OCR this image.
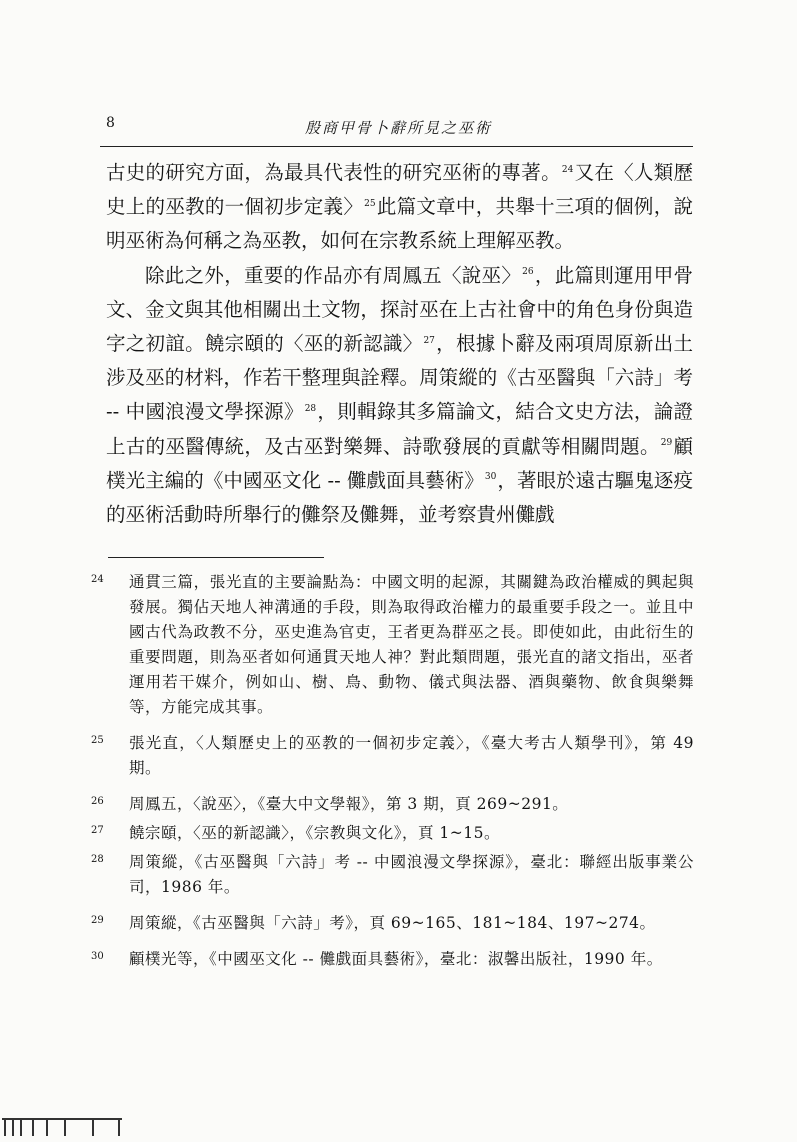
8	殷商甲骨卜辭所見之巫術

古史的研究方面，為最具代表性的研究巫術的專著。$^{24}$又在〈人類歷史上的巫教的一個初步定義〉$^{25}$此篇文章中，共舉十三項的個例，說明巫術為何稱之為巫教，如何在宗教系統上理解巫教。

除此之外，重要的作品亦有周鳳五〈說巫〉$^{26}$，此篇則運用甲骨文、金文與其他相關出土文物，探討巫在上古社會中的角色身份與造字之初誼。饒宗頤的〈巫的新認識〉$^{27}$，根據卜辭及兩項周原新出土涉及巫的材料，作若干整理與詮釋。周策縱的《古巫醫與「六詩」考 -- 中國浪漫文學探源》$^{28}$，則輯錄其多篇論文，結合文史方法，論證上古的巫醫傳統，及古巫對樂舞、詩歌發展的貢獻等相關問題。$^{29}$顧樸光主編的《中國巫文化 -- 儺戲面具藝術》$^{30}$，著眼於遠古驅鬼逐疫的巫術活動時所舉行的儺祭及儺舞，並考察貴州儺戲

24	通貫三篇，張光直的主要論點為：中國文明的起源，其關鍵為政治權威的興起與發展。獨佔天地人神溝通的手段，則為取得政治權力的最重要手段之一。並且中國古代為政教不分，巫史進為官吏，王者更為群巫之長。即使如此，由此衍生的重要問題，則為巫者如何通貫天地人神？對此類問題，張光直的諸文指出，巫者運用若干媒介，例如山、樹、鳥、動物、儀式與法器、酒與藥物、飲食與樂舞等，方能完成其事。
25	張光直，〈人類歷史上的巫教的一個初步定義〉，《臺大考古人類學刊》，第 49 期。
26	周鳳五，〈說巫〉，《臺大中文學報》，第 3 期，頁 269~291。
27	饒宗頤，〈巫的新認識〉，《宗教與文化》，頁 1~15。
28	周策縱，《古巫醫與「六詩」考 -- 中國浪漫文學探源》，臺北：聯經出版事業公司，1986 年。
29	周策縱，《古巫醫與「六詩」考》，頁 69~165、181~184、197~274。
30	顧樸光等，《中國巫文化 -- 儺戲面具藝術》，臺北：淑馨出版社，1990 年。
